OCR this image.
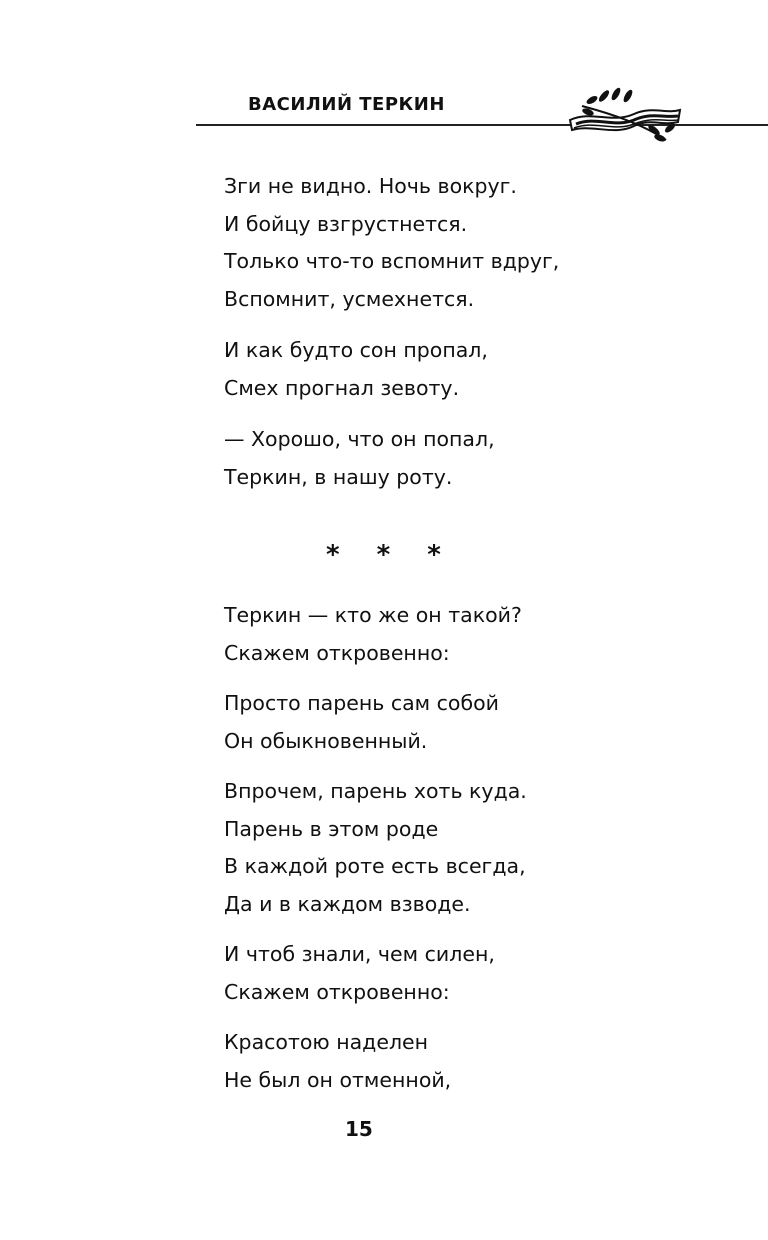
ВАСИЛИЙ ТЕРКИН
Зги не видно. Ночь вокруг.
И бойцу взгрустнется.
Только что-то вспомнит вдруг,
Вспомнит, усмехнется.
И как будто сон пропал,
Смех прогнал зевоту.
— Хорошо, что он попал,
Теркин, в нашу роту.
* * *
Теркин — кто же он такой?
Скажем откровенно:
Просто парень сам собой
Он обыкновенный.
Впрочем, парень хоть куда.
Парень в этом роде
В каждой роте есть всегда,
Да и в каждом взводе.
И чтоб знали, чем силен,
Скажем откровенно:
Красотою наделен
Не был он отменной,
15
